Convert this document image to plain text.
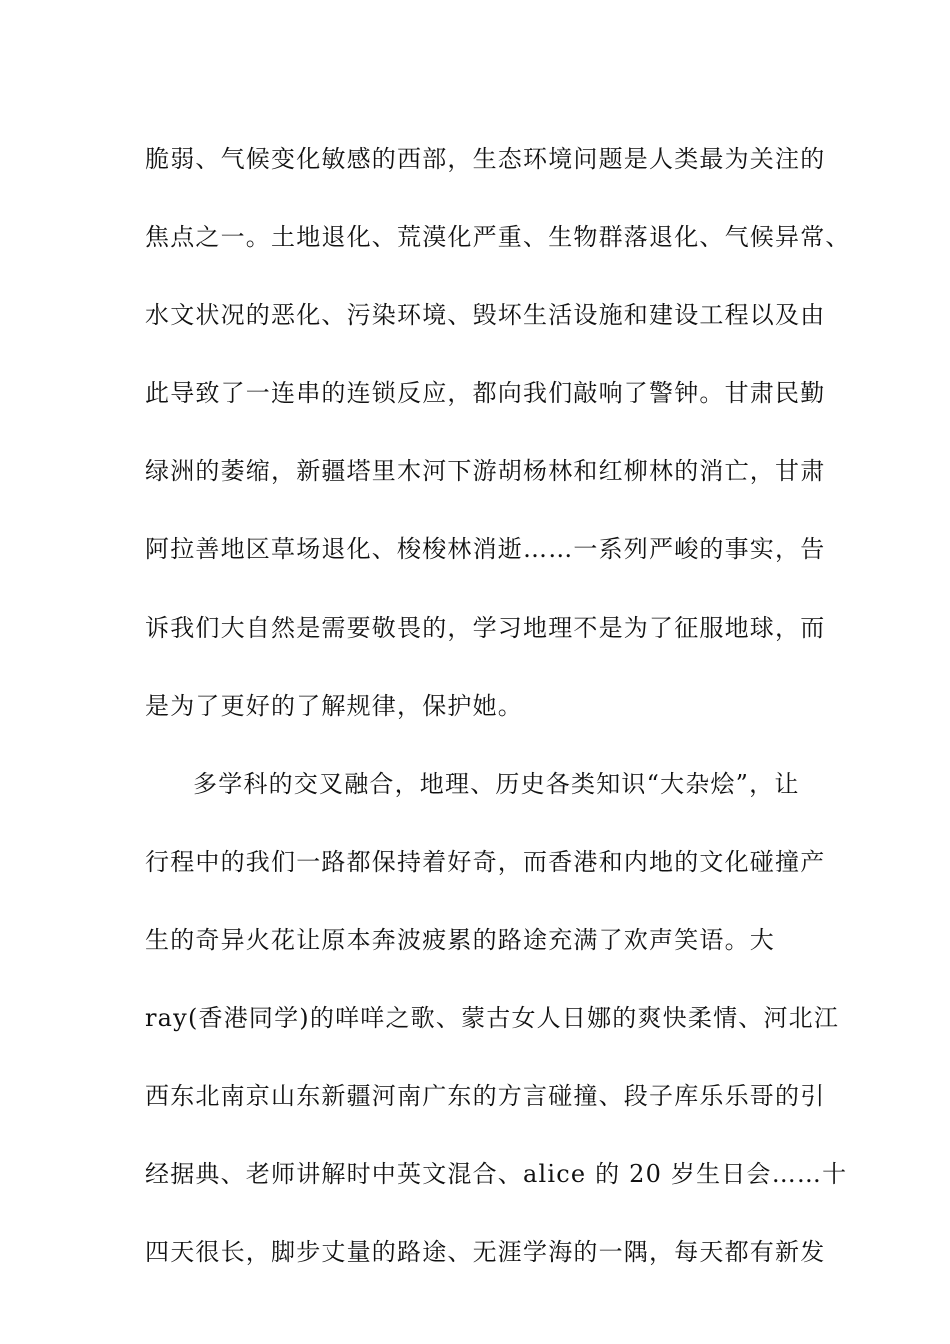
脆弱、气候变化敏感的西部，生态环境问题是人类最为关注的
焦点之一。土地退化、荒漠化严重、生物群落退化、气候异常、
水文状况的恶化、污染环境、毁坏生活设施和建设工程以及由
此导致了一连串的连锁反应，都向我们敲响了警钟。甘肃民勤
绿洲的萎缩，新疆塔里木河下游胡杨林和红柳林的消亡，甘肃
阿拉善地区草场退化、梭梭林消逝……一系列严峻的事实，告
诉我们大自然是需要敬畏的，学习地理不是为了征服地球，而
是为了更好的了解规律，保护她。
多学科的交叉融合，地理、历史各类知识“大杂烩”，让
行程中的我们一路都保持着好奇，而香港和内地的文化碰撞产
生的奇异火花让原本奔波疲累的路途充满了欢声笑语。大
ray(香港同学)的咩咩之歌、蒙古女人日娜的爽快柔情、河北江
西东北南京山东新疆河南广东的方言碰撞、段子库乐乐哥的引
经据典、老师讲解时中英文混合、alice 的 20 岁生日会……十
四天很长，脚步丈量的路途、无涯学海的一隅，每天都有新发
